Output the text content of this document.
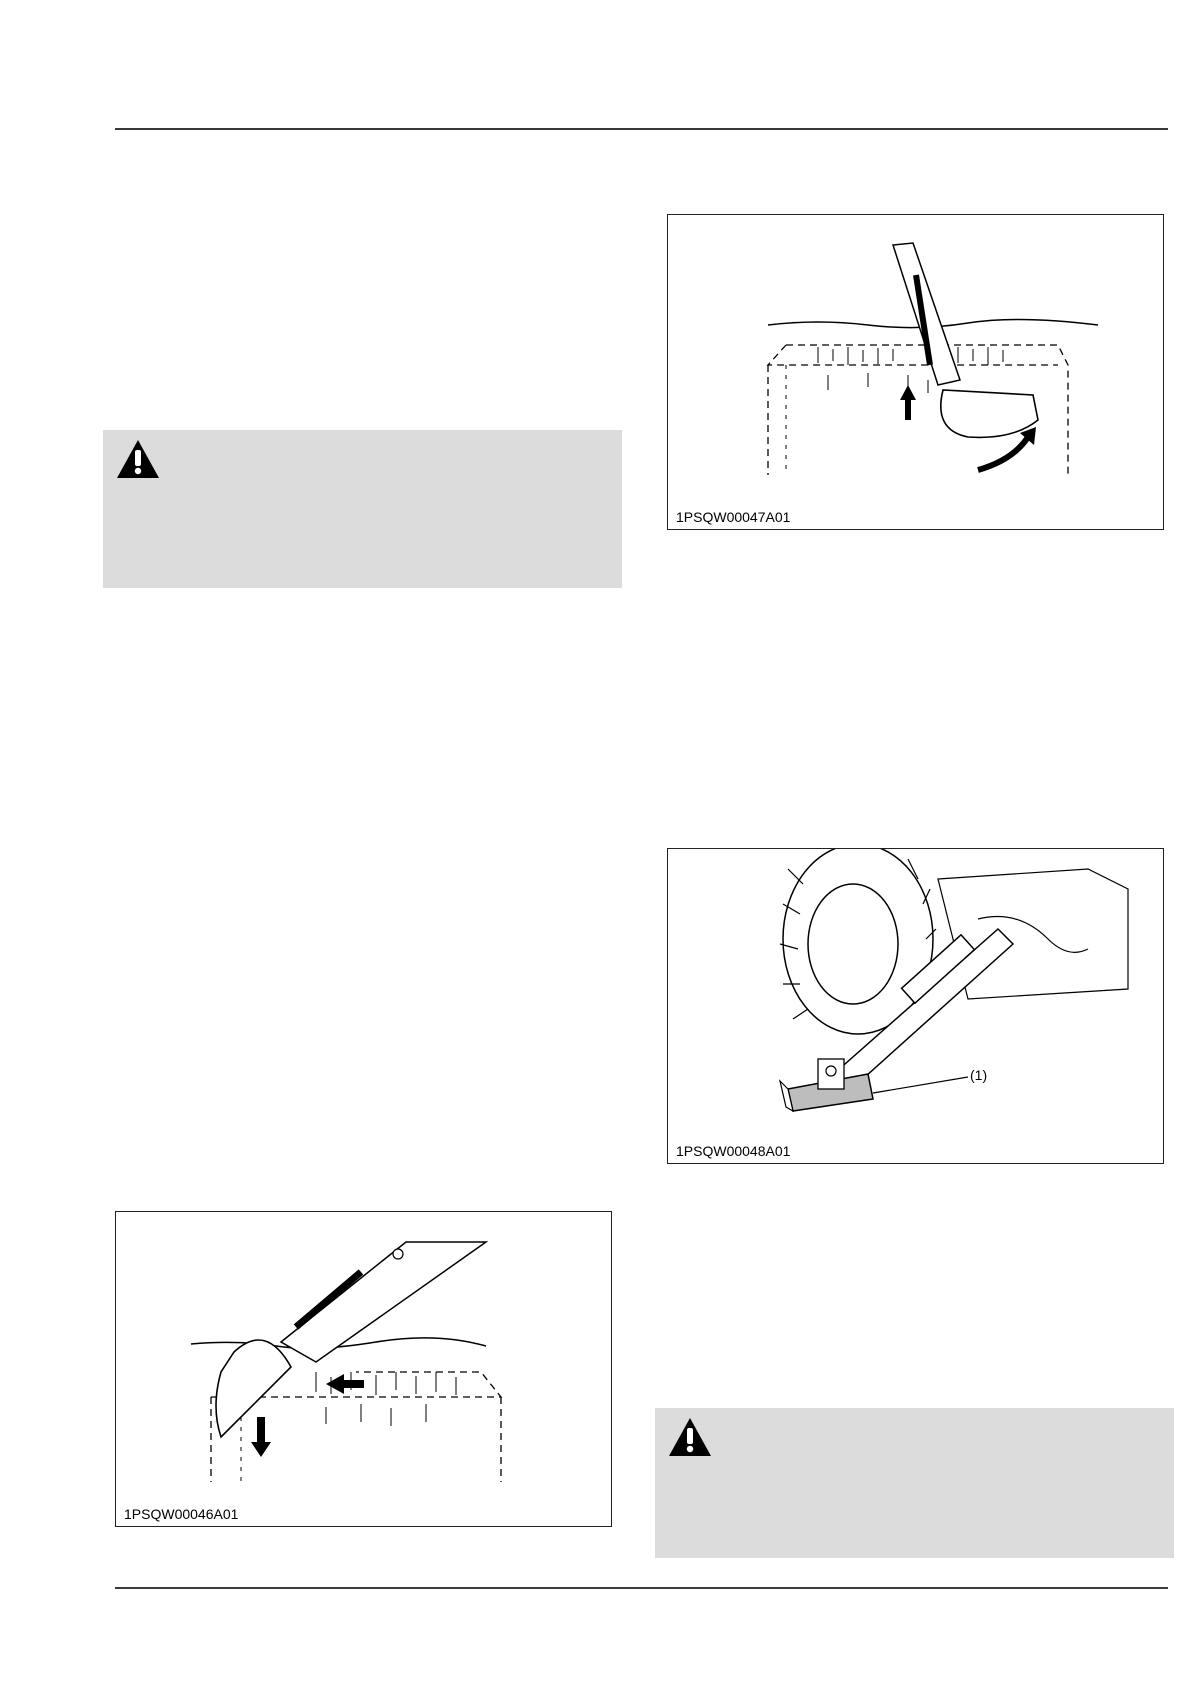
1PSQW00047A01
(1)
1PSQW00048A01
1PSQW00046A01
